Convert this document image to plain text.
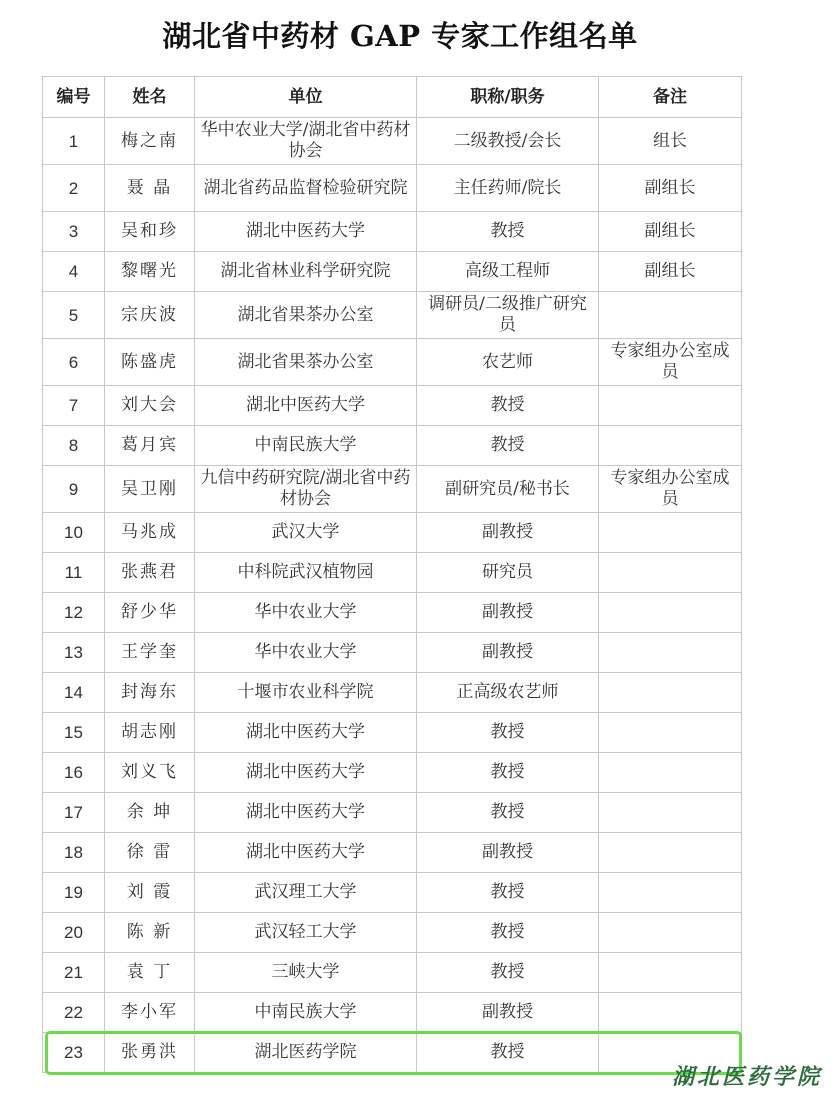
湖北省中药材 GAP 专家工作组名单
编号	姓名	单位	职称/职务	备注
1	梅之南	华中农业大学/湖北省中药材协会	二级教授/会长	组长
2	聂 晶	湖北省药品监督检验研究院	主任药师/院长	副组长
3	吴和珍	湖北中医药大学	教授	副组长
4	黎曙光	湖北省林业科学研究院	高级工程师	副组长
5	宗庆波	湖北省果茶办公室	调研员/二级推广研究员	
6	陈盛虎	湖北省果茶办公室	农艺师	专家组办公室成员
7	刘大会	湖北中医药大学	教授	
8	葛月宾	中南民族大学	教授	
9	吴卫刚	九信中药研究院/湖北省中药材协会	副研究员/秘书长	专家组办公室成员
10	马兆成	武汉大学	副教授	
11	张燕君	中科院武汉植物园	研究员	
12	舒少华	华中农业大学	副教授	
13	王学奎	华中农业大学	副教授	
14	封海东	十堰市农业科学院	正高级农艺师	
15	胡志刚	湖北中医药大学	教授	
16	刘义飞	湖北中医药大学	教授	
17	余 坤	湖北中医药大学	教授	
18	徐 雷	湖北中医药大学	副教授	
19	刘 霞	武汉理工大学	教授	
20	陈 新	武汉轻工大学	教授	
21	袁 丁	三峡大学	教授	
22	李小军	中南民族大学	副教授	
23	张勇洪	湖北医药学院	教授	
湖北医药学院
